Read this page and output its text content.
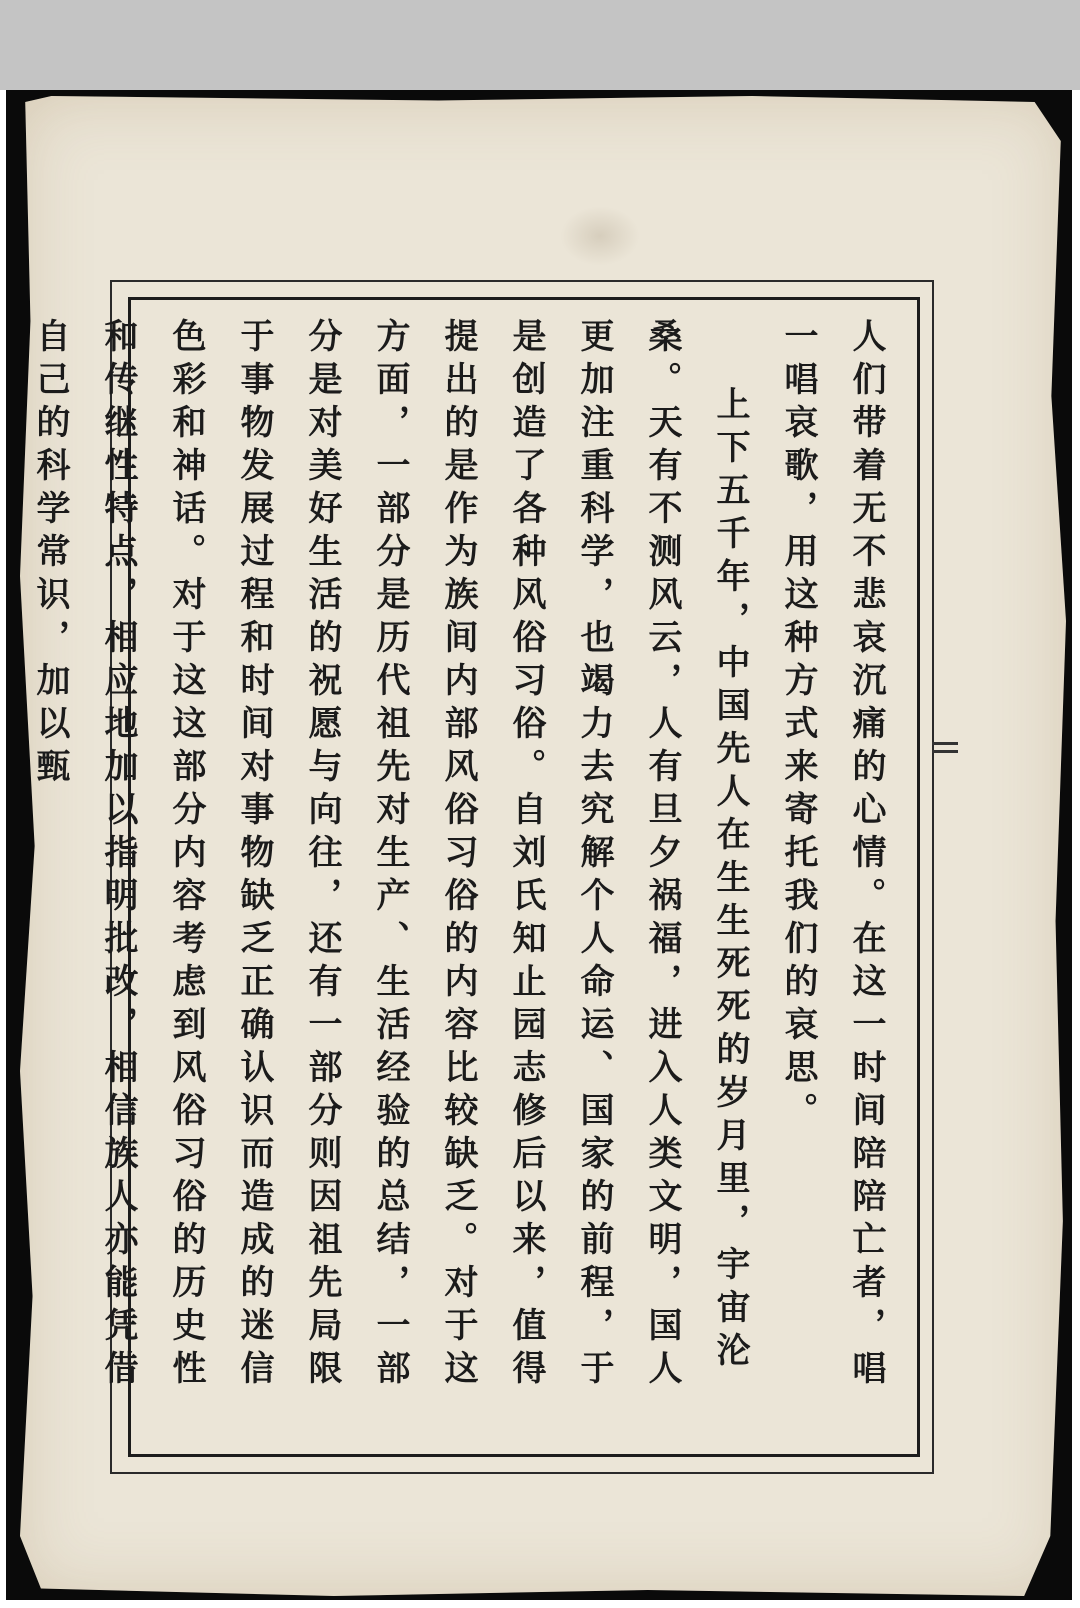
人们带着无不悲哀沉痛的心情。在这一时间陪陪亡者，唱一唱哀歌，用这种方式来寄托我们的哀思。

上下五千年，中国先人在生生死死的岁月里，宇宙沦桑。天有不测风云，人有旦夕祸福，进入人类文明，国人更加注重科学，也竭力去究解个人命运、国家的前程，于是创造了各种风俗习俗。自刘氏知止园志修后以来，值得提出的是作为族间内部风俗习俗的内容比较缺乏。对于这方面，一部分是历代祖先对生产、生活经验的总结，一部分是对美好生活的祝愿与向往，还有一部分则因祖先局限于事物发展过程和时间对事物缺乏正确认识而造成的迷信色彩和神话。对于这这部分内容考虑到风俗习俗的历史性和传继性特点，相应地加以指明批改，相信族人亦能凭借自己的科学常识，加以甄
